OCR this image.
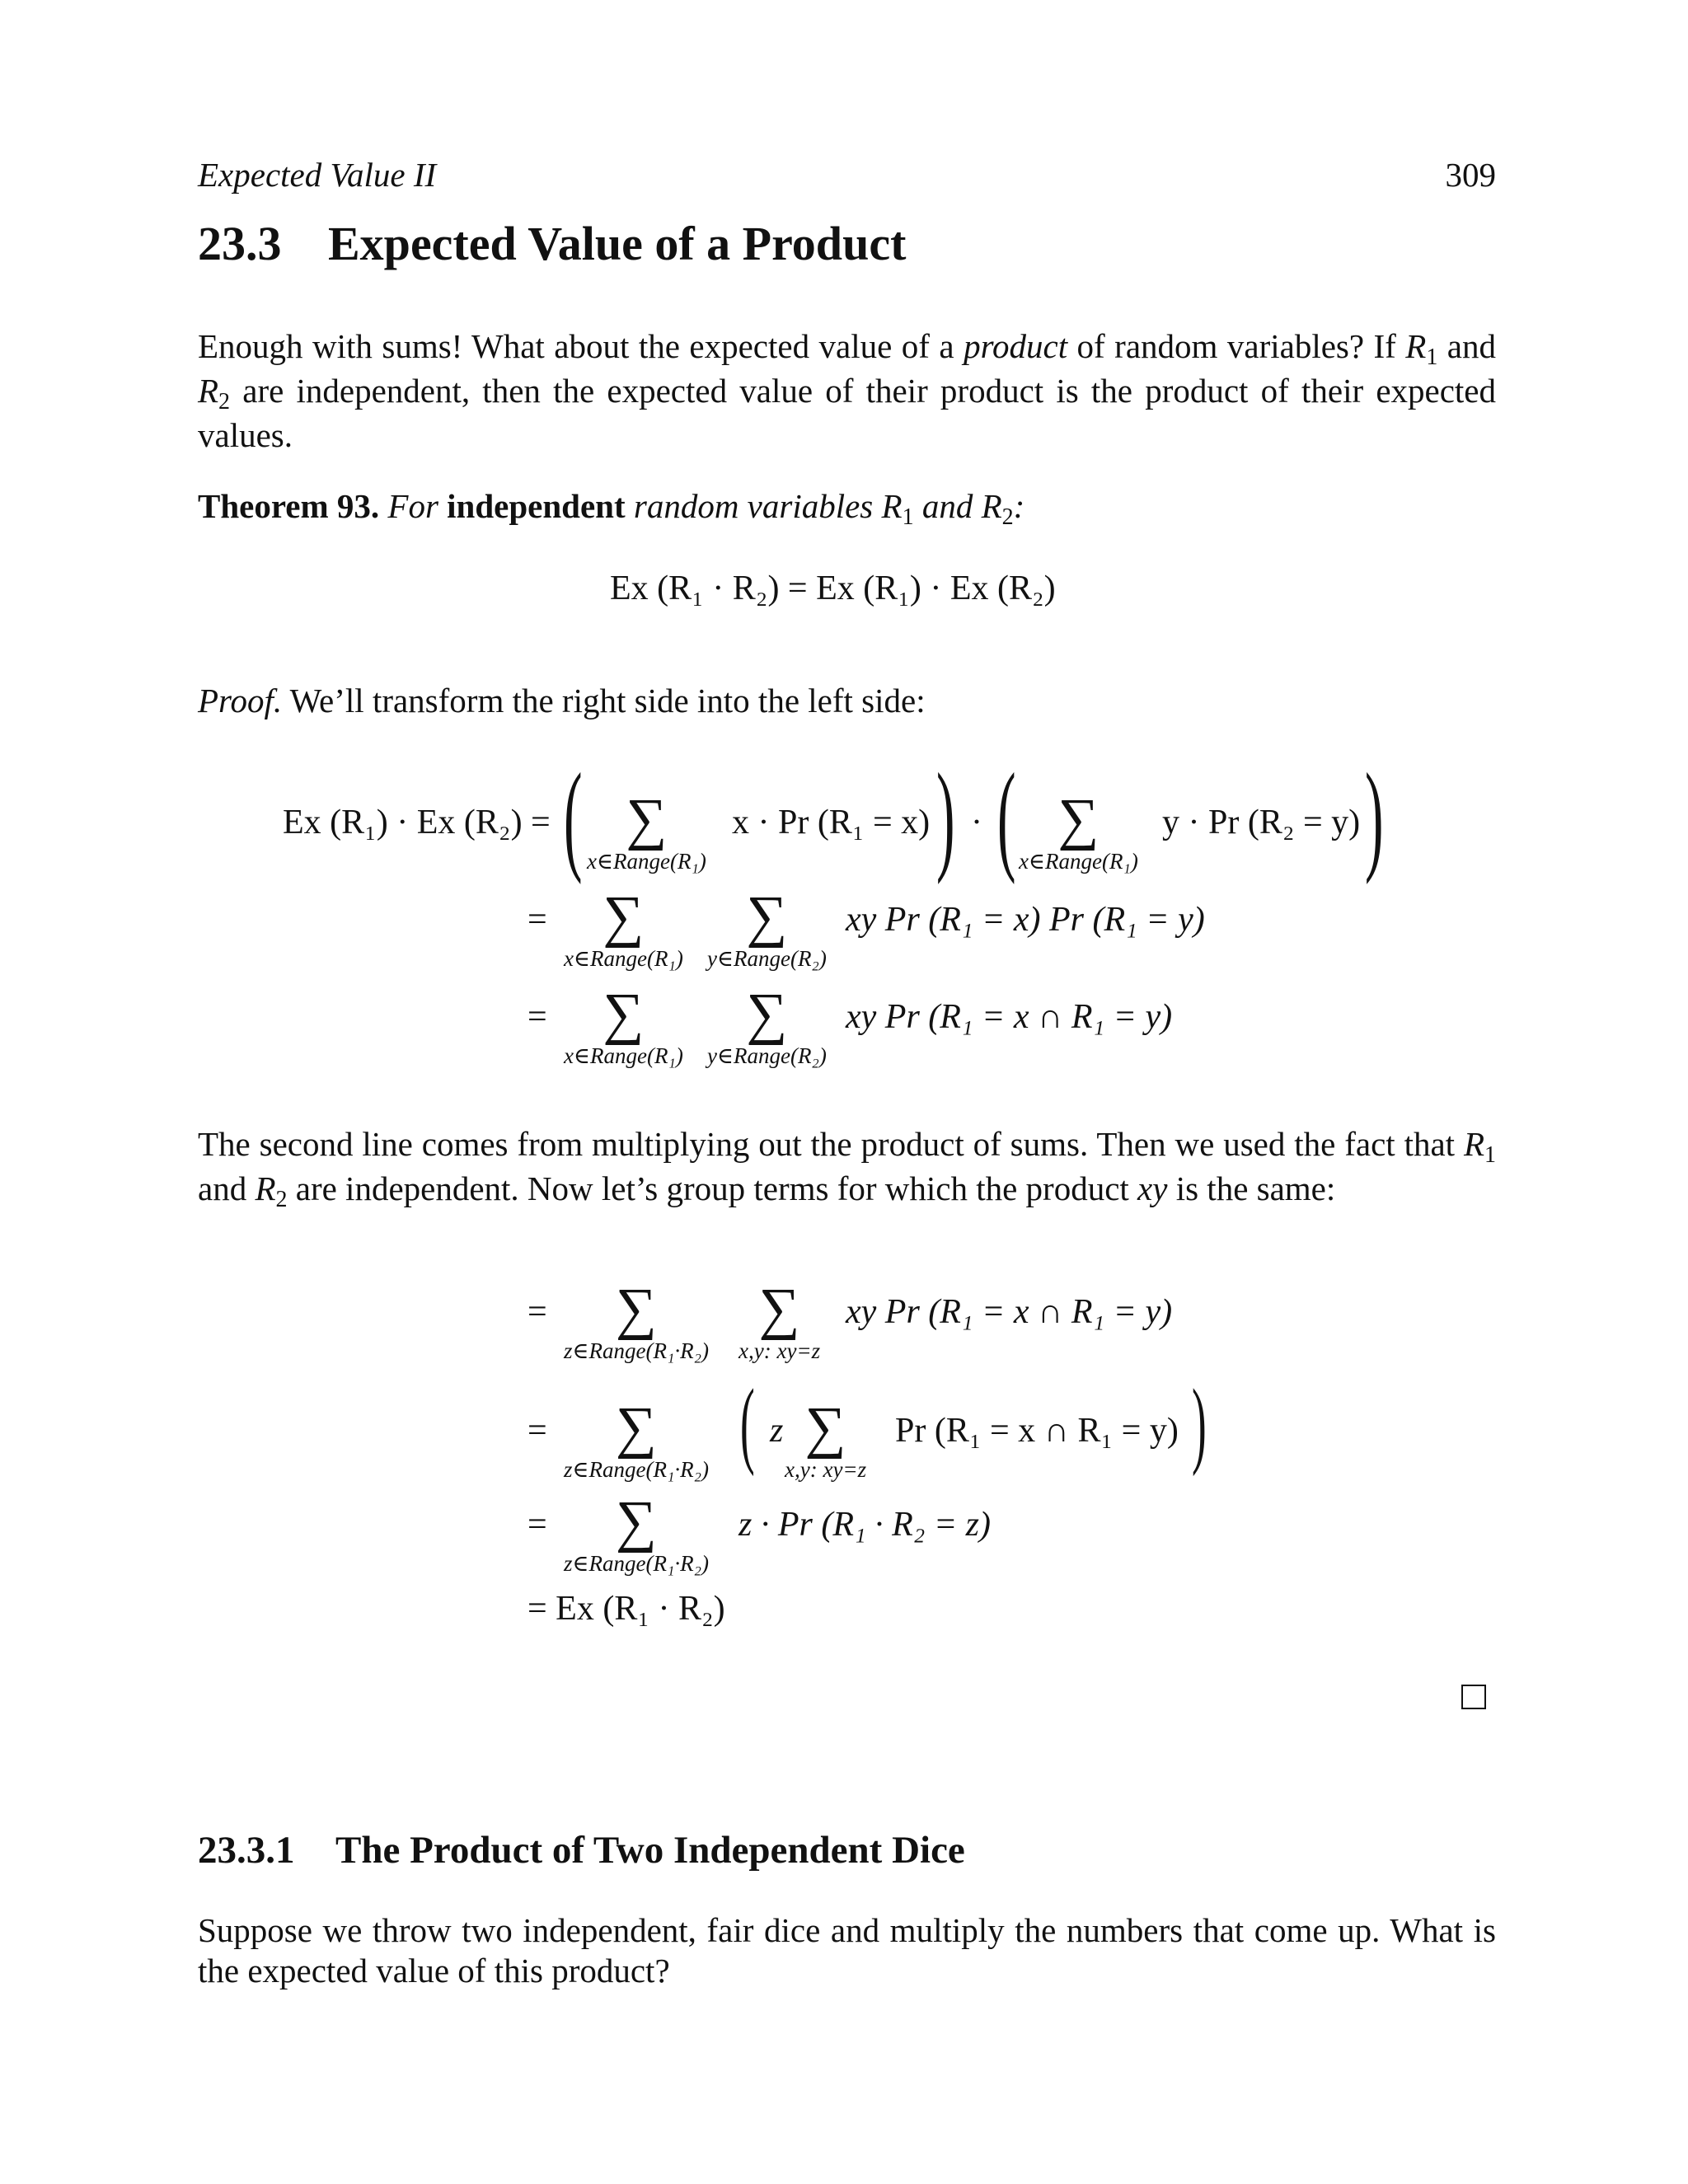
Expected Value II	309
23.3 Expected Value of a Product

Enough with sums! What about the expected value of a product of random variables? If R1 and R2 are independent, then the expected value of their product is the product of their expected values.

Theorem 93. For independent random variables R1 and R2:

Ex (R₁ · R₂) = Ex (R₁) · Ex (R₂)

Proof. We’ll transform the right side into the left side:

Ex (R₁) · Ex (R₂) = ( ∑
x∈Range(R₁)
x · Pr (R₁ = x) ) · ( ∑
x∈Range(R₁)
y · Pr (R₂ = y) )
= ∑
x∈Range(R₁)
∑
y∈Range(R₂)
xy Pr (R₁ = x) Pr (R₁ = y)
= ∑
x∈Range(R₁)
∑
y∈Range(R₂)
xy Pr (R₁ = x ∩ R₁ = y)

The second line comes from multiplying out the product of sums. Then we used the fact that R1 and R2 are independent. Now let’s group terms for which the product xy is the same:

= ∑
z∈Range(R₁·R₂)
∑
x,y: xy=z
xy Pr (R₁ = x ∩ R₁ = y)
= ∑
z∈Range(R₁·R₂) ( z ∑
x,y: xy=z
Pr (R₁ = x ∩ R₁ = y) )
= ∑
z∈Range(R₁·R₂)
z · Pr (R₁ · R₂ = z)
= Ex (R₁ · R₂)
23.3.1 The Product of Two Independent Dice

Suppose we throw two independent, fair dice and multiply the numbers that come up. What is the expected value of this product?
